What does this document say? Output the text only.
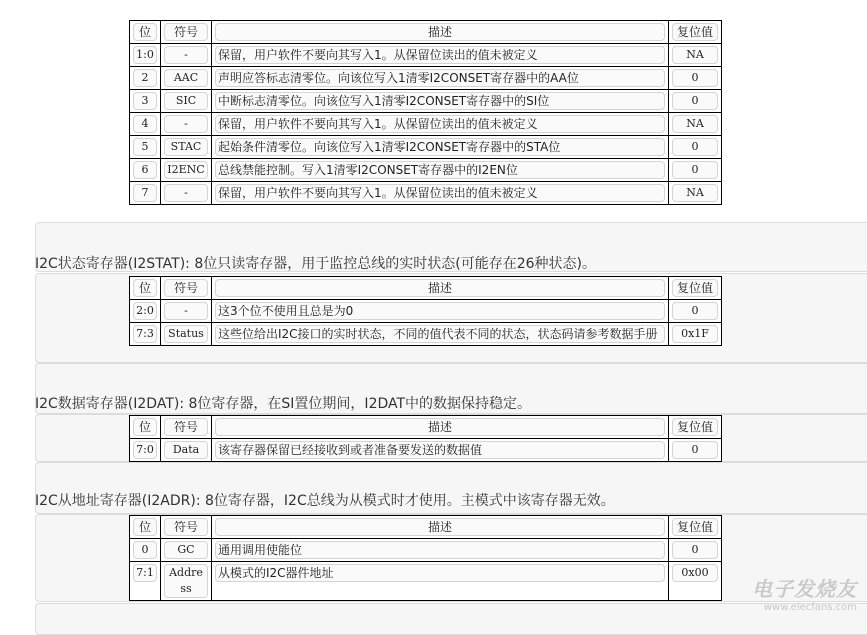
I2C状态寄存器(I2STAT): 8位只读寄存器，用于监控总线的实时状态(可能存在26种状态)。
I2C数据寄存器(I2DAT): 8位寄存器，在SI置位期间，I2DAT中的数据保持稳定。
I2C从地址寄存器(I2ADR): 8位寄存器，I2C总线为从模式时才使用。主模式中该寄存器无效。
位	符号	描述	复位值

1:0	-	保留，用户软件不要向其写入1。从保留位读出的值未被定义	NA

2	AAC	声明应答标志清零位。向该位写入1清零I2CONSET寄存器中的AA位	0

3	SIC	中断标志清零位。向该位写入1清零I2CONSET寄存器中的SI位	0

4	-	保留，用户软件不要向其写入1。从保留位读出的值未被定义	NA

5	STAC	起始条件清零位。向该位写入1清零I2CONSET寄存器中的STA位	0

6	I2ENC	总线禁能控制。写入1清零I2CONSET寄存器中的I2EN位	0

7	-	保留，用户软件不要向其写入1。从保留位读出的值未被定义	NA
位	符号	描述	复位值

2:0	-	这3个位不使用且总是为0	0

7:3	Status	这些位给出I2C接口的实时状态，不同的值代表不同的状态，状态码请参考数据手册	0x1F
位	符号	描述	复位值

7:0	Data	该寄存器保留已经接收到或者准备要发送的数据值	0
位	符号	描述	复位值

0	GC	通用调用使能位	0

7:1	Address	从模式的I2C器件地址	0x00
电子发烧友
www.elecfans.com
